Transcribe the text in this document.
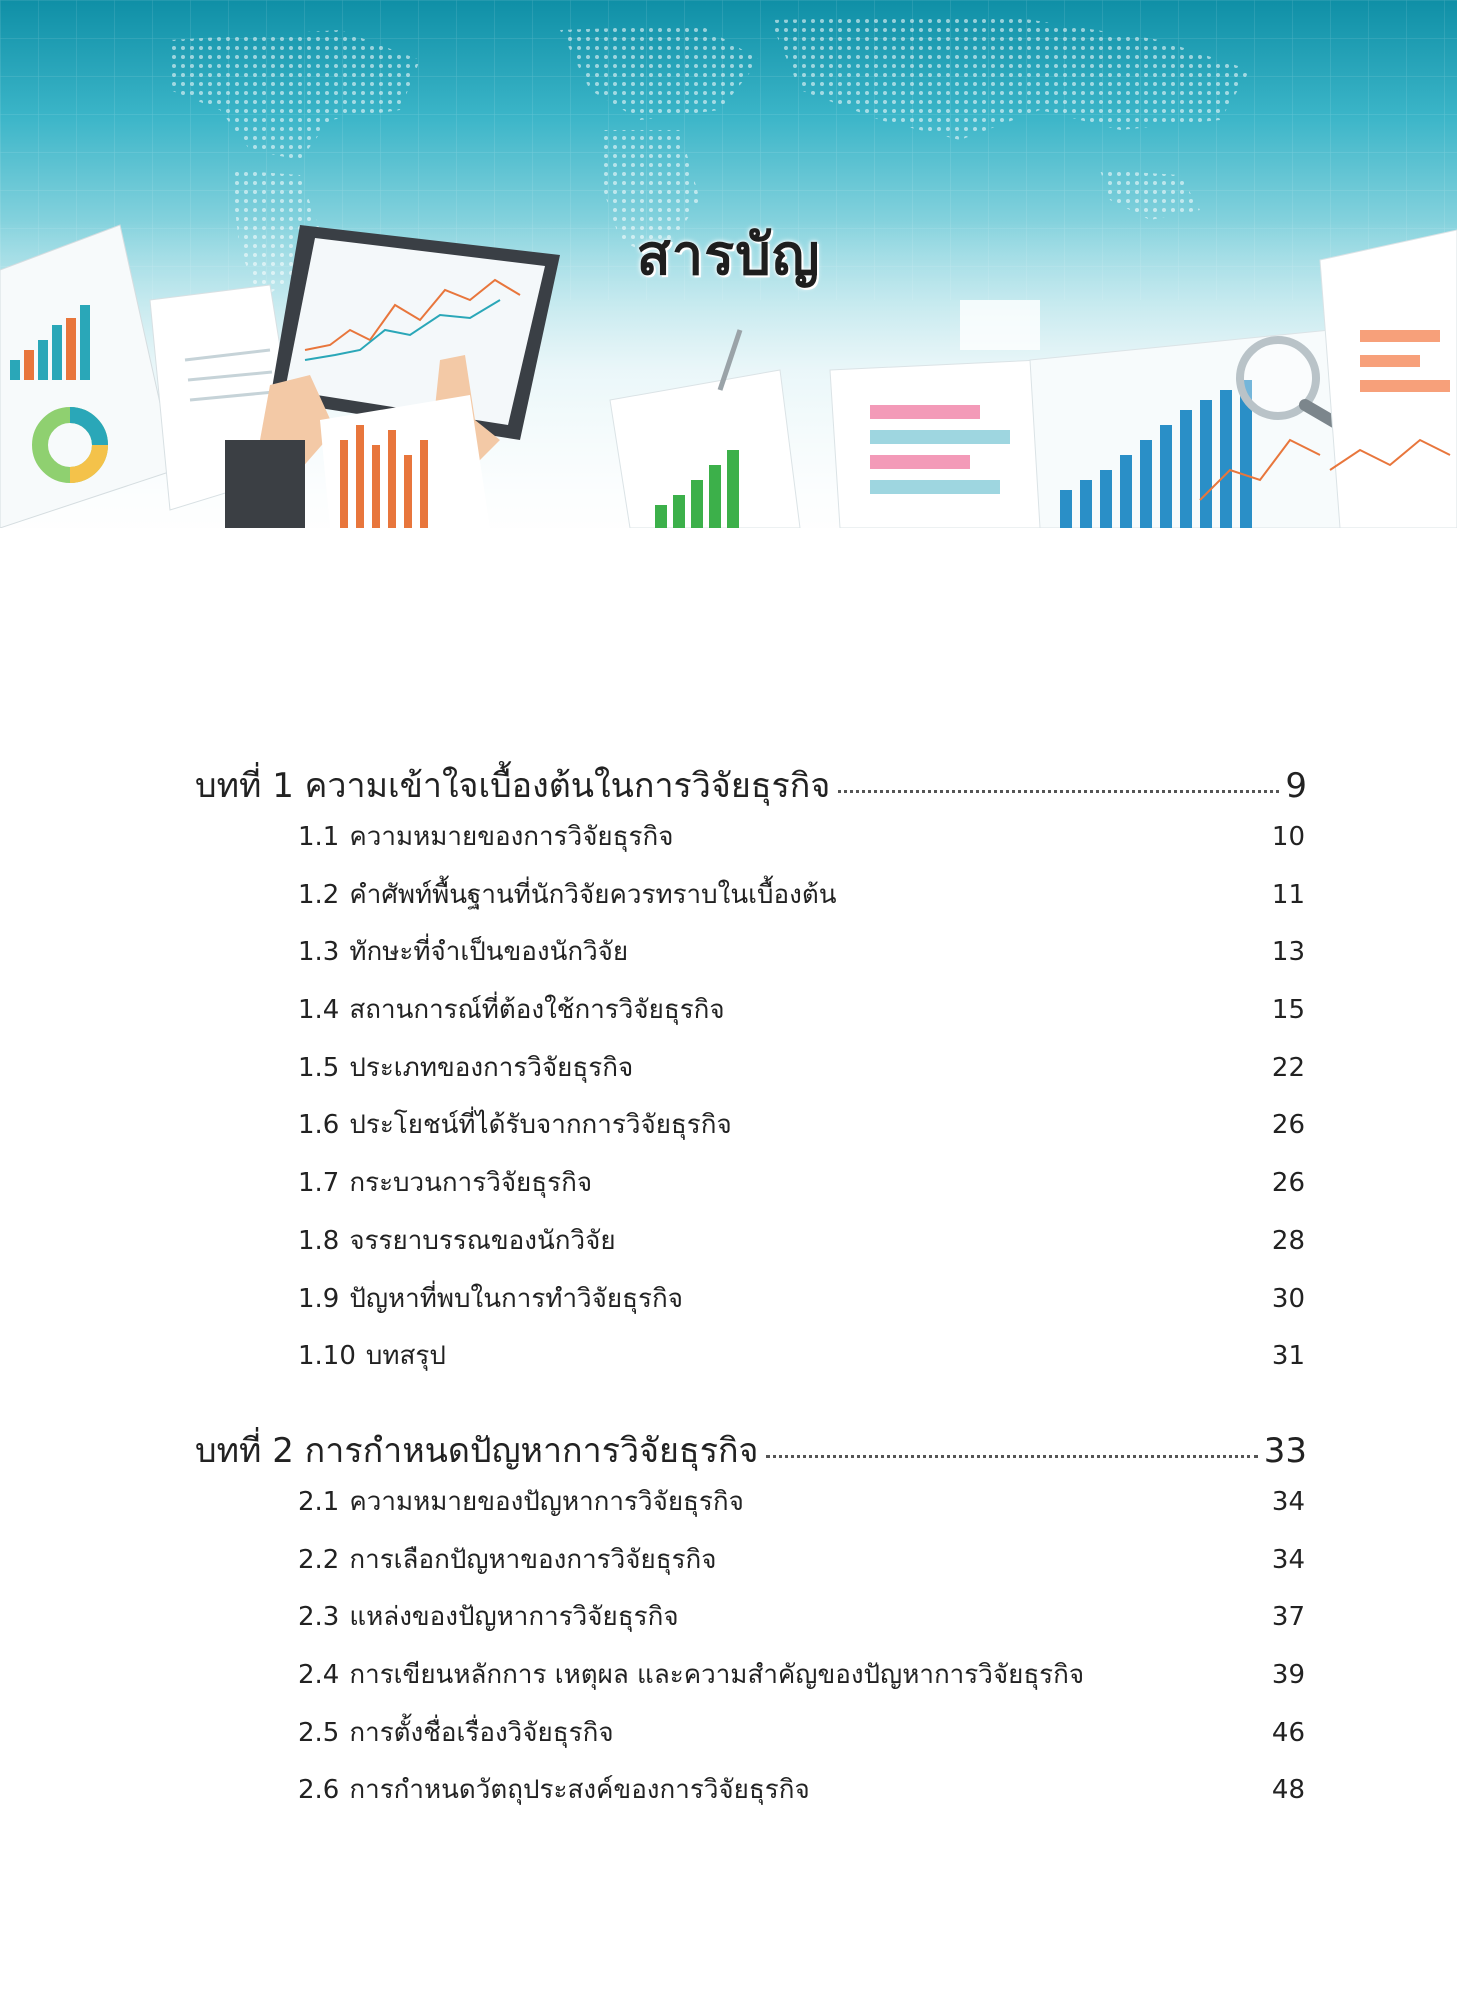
สารบัญ
บทที่ 1 ความเข้าใจเบื้องต้นในการวิจัยธุรกิจ	9
1.1 ความหมายของการวิจัยธุรกิจ	10
1.2 คำศัพท์พื้นฐานที่นักวิจัยควรทราบในเบื้องต้น	11
1.3 ทักษะที่จำเป็นของนักวิจัย	13
1.4 สถานการณ์ที่ต้องใช้การวิจัยธุรกิจ	15
1.5 ประเภทของการวิจัยธุรกิจ	22
1.6 ประโยชน์ที่ได้รับจากการวิจัยธุรกิจ	26
1.7 กระบวนการวิจัยธุรกิจ	26
1.8 จรรยาบรรณของนักวิจัย	28
1.9 ปัญหาที่พบในการทำวิจัยธุรกิจ	30
1.10 บทสรุป	31
บทที่ 2 การกำหนดปัญหาการวิจัยธุรกิจ	33
2.1 ความหมายของปัญหาการวิจัยธุรกิจ	34
2.2 การเลือกปัญหาของการวิจัยธุรกิจ	34
2.3 แหล่งของปัญหาการวิจัยธุรกิจ	37
2.4 การเขียนหลักการ เหตุผล และความสำคัญของปัญหาการวิจัยธุรกิจ	39
2.5 การตั้งชื่อเรื่องวิจัยธุรกิจ	46
2.6 การกำหนดวัตถุประสงค์ของการวิจัยธุรกิจ	48
